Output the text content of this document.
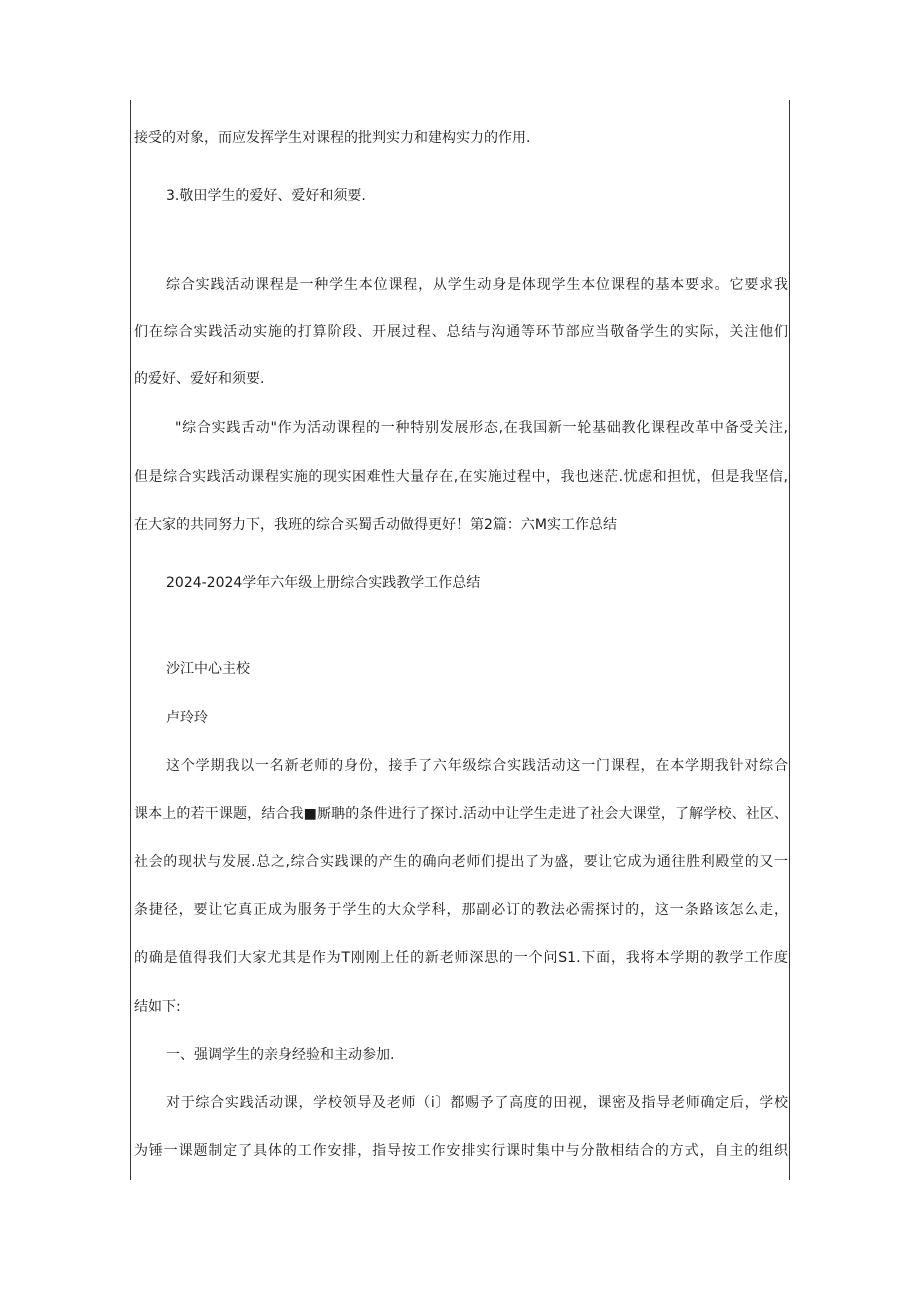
接受的对象，而应发挥学生对课程的批判实力和建构实力的作用.
3.敬田学生的爱好、爱好和须要.
综合实践活动课程是一种学生本位课程，从学生动身是体现学生本位课程的基本要求。它要求我
们在综合实践活动实施的打算阶段、开展过程、总结与沟通等环节部应当敬备学生的实际，关注他们
的爱好、爱好和须要.
"综合实践舌动"作为活动课程的一种特别发展形态,在我国新一轮基础教化课程改革中备受关注,
但是综合实践活动课程实施的现实困难性大量存在,在实施过程中，我也迷茫.忧虑和担忧，但是我坚信,
在大家的共同努力下，我班的综合买蜀舌动做得更好！第2篇：六M实工作总结
2024-2024学年六年级上册综合实践教学工作总结
沙江中心主校
卢玲玲
这个学期我以一名新老师的身份，接手了六年级综合实践活动这一门课程，在本学期我针对综合
课本上的若干课题，结合我■厮聃的条件进行了探讨.活动中让学生走进了社会大课堂，了解学校、社区、
社会的现状与发展.总之,综合实践课的产生的确向老师们提出了为盛，要让它成为通往胜利殿堂的又一
条捷径，要让它真正成为服务于学生的大众学科，那副必订的教法必需探讨的，这一条路该怎么走，
的确是值得我们大家尤其是作为T刚刚上任的新老师深思的一个问S1.下面，我将本学期的教学工作度
结如下:
一、强调学生的亲身经验和主动参加.
对于综合实践活动课，学校领导及老师（i〕都赐予了高度的田视，课密及指导老师确定后，学校
为锤一课题制定了具体的工作安排，指导按工作安排实行课时集中与分散相结合的方式，自主的组织
